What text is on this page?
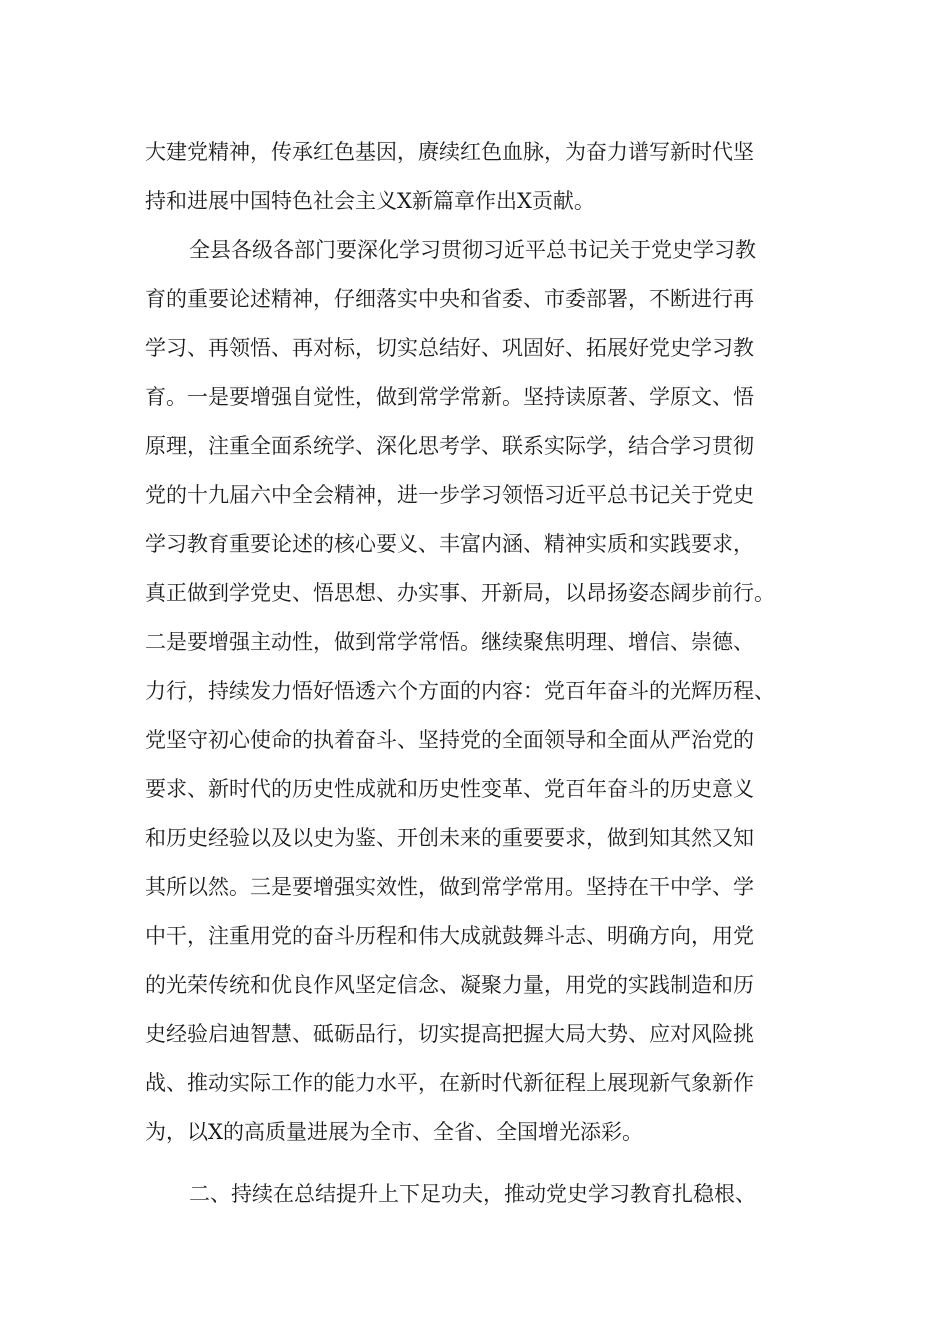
大建党精神，传承红色基因，赓续红色血脉，为奋力谱写新时代坚
持和进展中国特色社会主义X新篇章作出X贡献。
全县各级各部门要深化学习贯彻习近平总书记关于党史学习教
育的重要论述精神，仔细落实中央和省委、市委部署，不断进行再
学习、再领悟、再对标，切实总结好、巩固好、拓展好党史学习教
育。一是要增强自觉性，做到常学常新。坚持读原著、学原文、悟
原理，注重全面系统学、深化思考学、联系实际学，结合学习贯彻
党的十九届六中全会精神，进一步学习领悟习近平总书记关于党史
学习教育重要论述的核心要义、丰富内涵、精神实质和实践要求，
真正做到学党史、悟思想、办实事、开新局，以昂扬姿态阔步前行。
二是要增强主动性，做到常学常悟。继续聚焦明理、增信、崇德、
力行，持续发力悟好悟透六个方面的内容：党百年奋斗的光辉历程、
党坚守初心使命的执着奋斗、坚持党的全面领导和全面从严治党的
要求、新时代的历史性成就和历史性变革、党百年奋斗的历史意义
和历史经验以及以史为鉴、开创未来的重要要求，做到知其然又知
其所以然。三是要增强实效性，做到常学常用。坚持在干中学、学
中干，注重用党的奋斗历程和伟大成就鼓舞斗志、明确方向，用党
的光荣传统和优良作风坚定信念、凝聚力量，用党的实践制造和历
史经验启迪智慧、砥砺品行，切实提高把握大局大势、应对风险挑
战、推动实际工作的能力水平，在新时代新征程上展现新气象新作
为，以X的高质量进展为全市、全省、全国增光添彩。
二、持续在总结提升上下足功夫，推动党史学习教育扎稳根、
